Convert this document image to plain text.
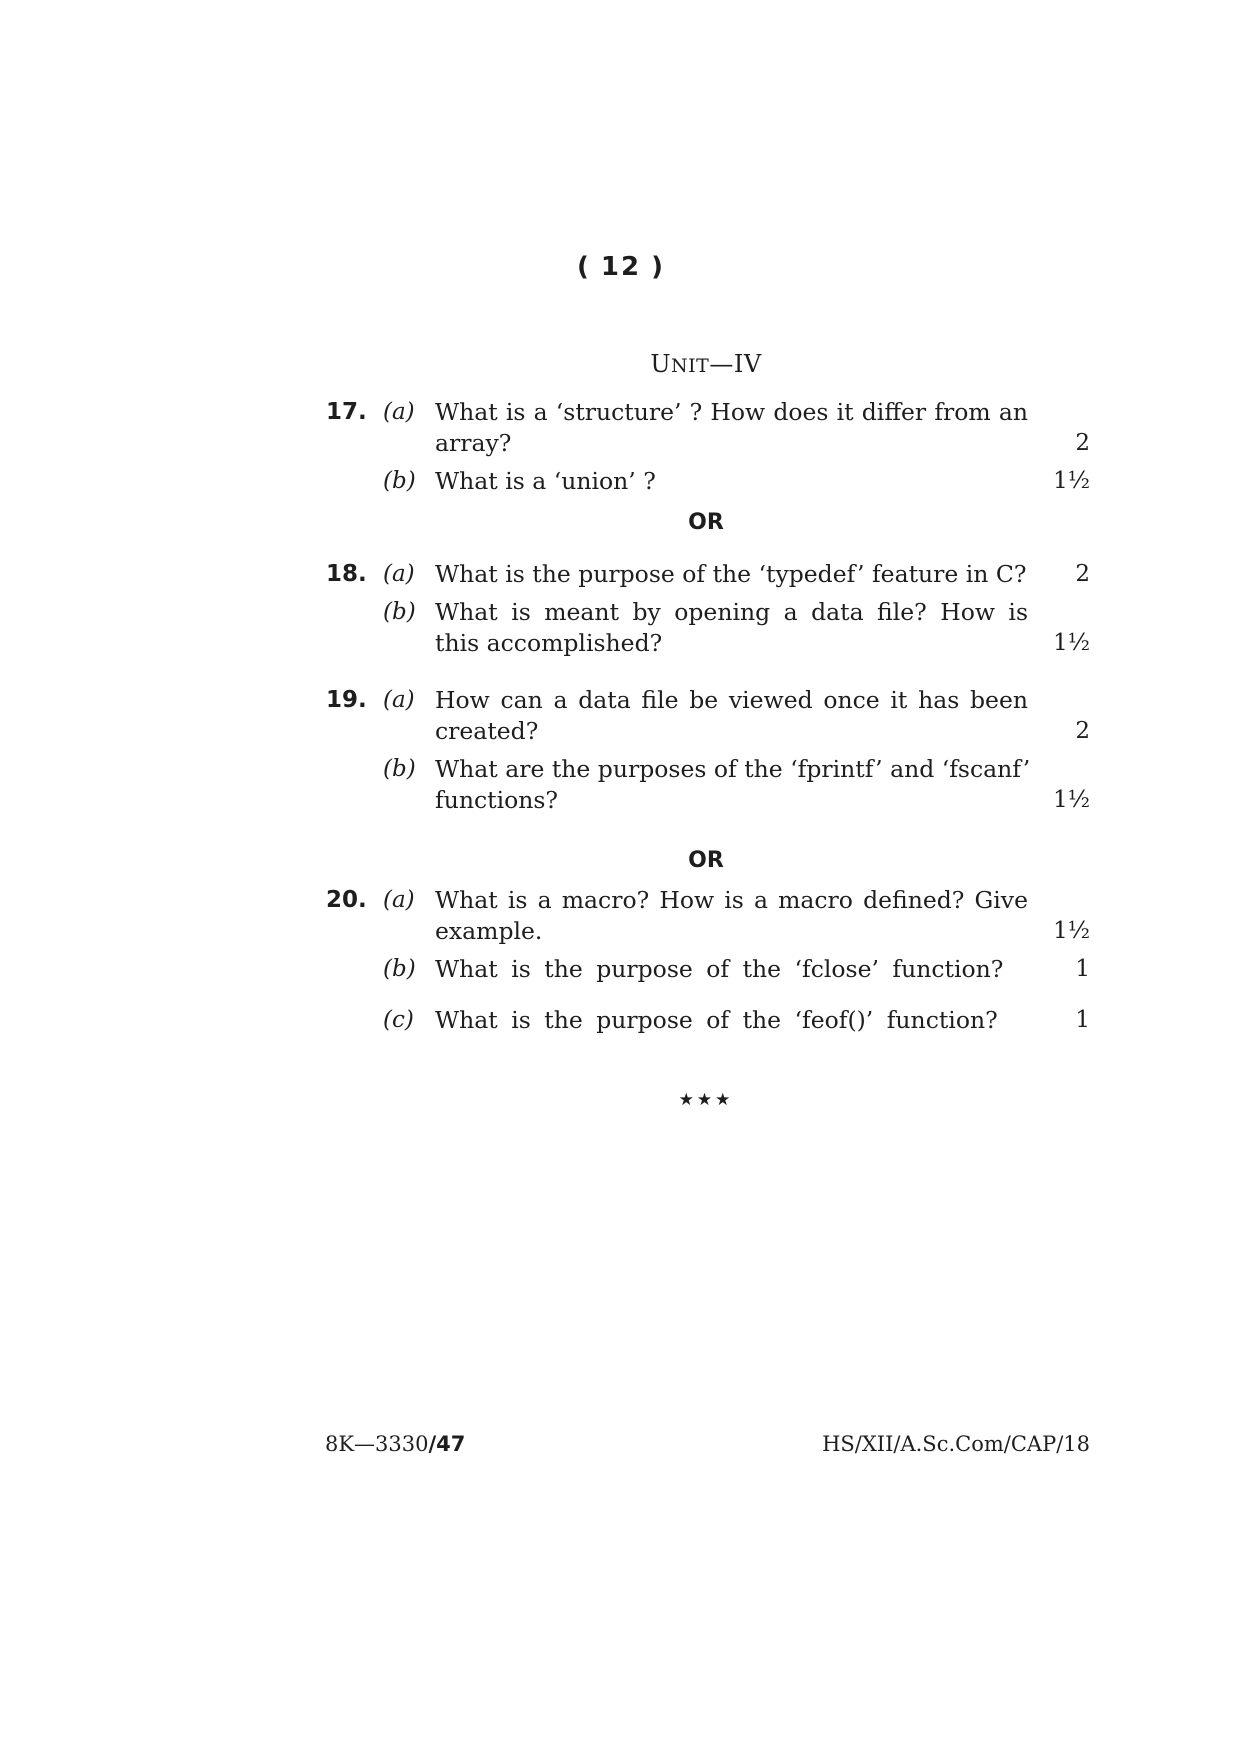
( 12 )
UNIT—IV
17. (a) What is a ‘structure’ ? How does it differ from an
array?	2
(b) What is a ‘union’ ?	1½
OR
18. (a) What is the purpose of the ‘typedef’ feature in C?	2
(b) What is meant by opening a data file? How is
this accomplished?	1½
19. (a) How can a data file be viewed once it has been
created?	2
(b) What are the purposes of the ‘fprintf’ and ‘fscanf’
functions?	1½
OR
20. (a) What is a macro? How is a macro defined? Give
example.	1½
(b) What is the purpose of the ‘fclose’ function?	1
(c) What is the purpose of the ‘feof()’ function?	1
★★★
8K—3330/47	HS/XII/A.Sc.Com/CAP/18
